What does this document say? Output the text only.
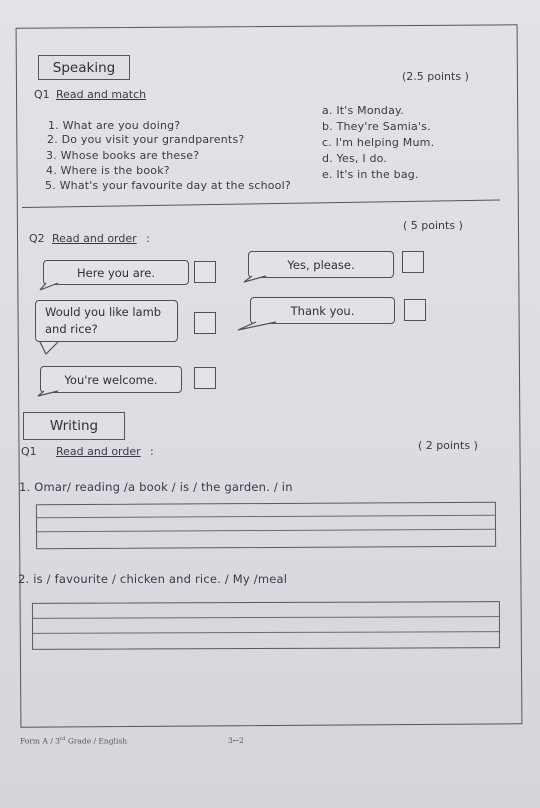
Speaking
(2.5 points )
Q1 Read and match
1. What are you doing?
2. Do you visit your grandparents?
3. Whose books are these?
4. Where is the book?
5. What's your favourite day at the school?
a. It's Monday.
b. They're Samia's.
c. I'm helping Mum.
d. Yes, I do.
e. It's in the bag.
Q2 Read and order :
( 5 points )
Here you are.
Yes, please.
Would you like lamb
and rice?
Thank you.
You're welcome.
Writing
Q1 Read and order :	( 2 points )
1. Omar/ reading /a book / is / the garden. / in
2. is / favourite / chicken and rice. / My /meal
Form A / 3rd Grade / English	3←2
